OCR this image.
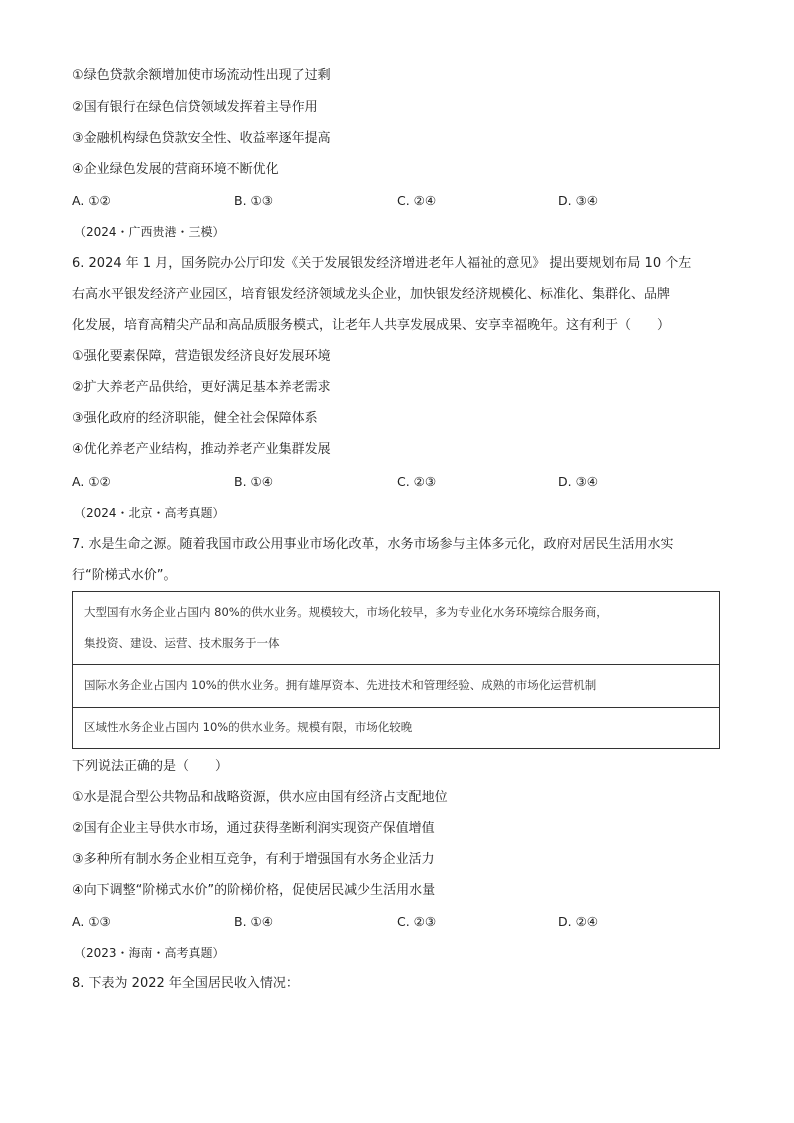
①绿色贷款余额增加使市场流动性出现了过剩
②国有银行在绿色信贷领域发挥着主导作用
③金融机构绿色贷款安全性、收益率逐年提高
④企业绿色发展的营商环境不断优化
A. ①②	B. ①③	C. ②④	D. ③④
（2024・广西贵港・三模）
6. 2024 年 1 月，国务院办公厅印发《关于发展银发经济增进老年人福祉的意见》 提出要规划布局 10 个左
右高水平银发经济产业园区，培育银发经济领域龙头企业，加快银发经济规模化、标准化、集群化、品牌
化发展，培育高精尖产品和高品质服务模式，让老年人共享发展成果、安享幸福晚年。这有利于（　　）
①强化要素保障，营造银发经济良好发展环境
②扩大养老产品供给，更好满足基本养老需求
③强化政府的经济职能，健全社会保障体系
④优化养老产业结构，推动养老产业集群发展
A. ①②	B. ①④	C. ②③	D. ③④
（2024・北京・高考真题）
7. 水是生命之源。随着我国市政公用事业市场化改革，水务市场参与主体多元化，政府对居民生活用水实
行“阶梯式水价”。
大型国有水务企业占国内 80%的供水业务。规模较大，市场化较早，多为专业化水务环境综合服务商，
集投资、建设、运营、技术服务于一体
国际水务企业占国内 10%的供水业务。拥有雄厚资本、先进技术和管理经验、成熟的市场化运营机制
区域性水务企业占国内 10%的供水业务。规模有限，市场化较晚
下列说法正确的是（　　）
①水是混合型公共物品和战略资源，供水应由国有经济占支配地位
②国有企业主导供水市场，通过获得垄断利润实现资产保值增值
③多种所有制水务企业相互竞争，有利于增强国有水务企业活力
④向下调整“阶梯式水价”的阶梯价格，促使居民减少生活用水量
A. ①③	B. ①④	C. ②③	D. ②④
（2023・海南・高考真题）
8. 下表为 2022 年全国居民收入情况：
